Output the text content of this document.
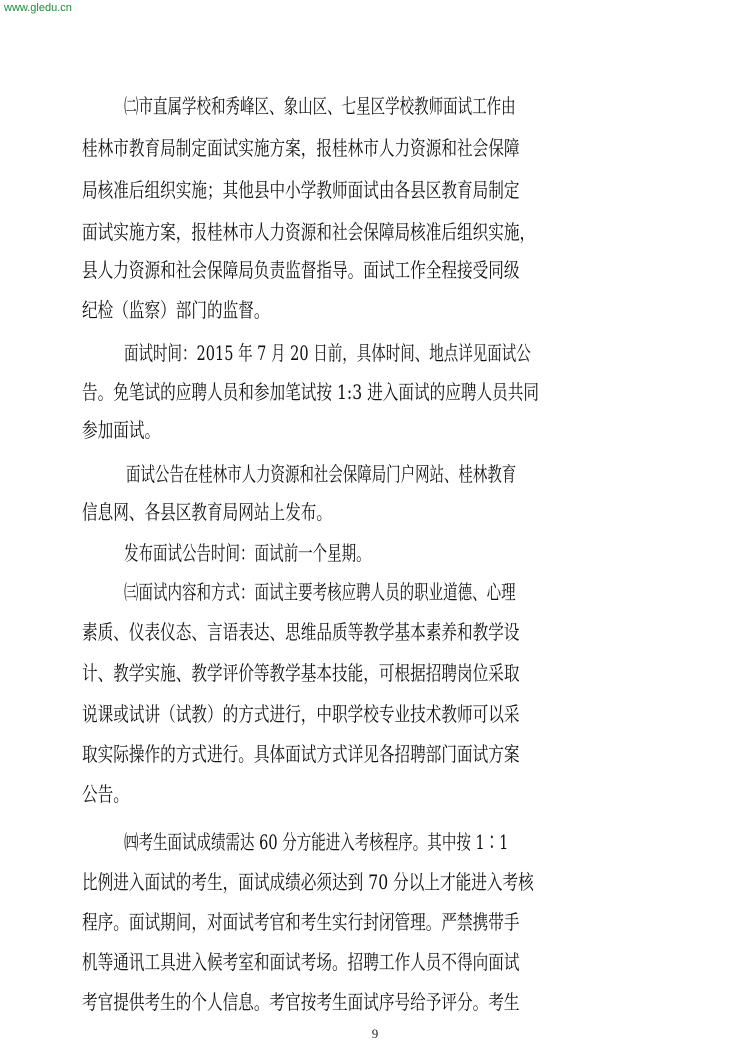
www.gledu.cn
㈡市直属学校和秀峰区、象山区、七星区学校教师面试工作由
桂林市教育局制定面试实施方案，报桂林市人力资源和社会保障
局核准后组织实施；其他县中小学教师面试由各县区教育局制定
面试实施方案，报桂林市人力资源和社会保障局核准后组织实施，
县人力资源和社会保障局负责监督指导。面试工作全程接受同级
纪检（监察）部门的监督。
面试时间：2015 年 7 月 20 日前，具体时间、地点详见面试公
告。免笔试的应聘人员和参加笔试按 1:3 进入面试的应聘人员共同
参加面试。
面试公告在桂林市人力资源和社会保障局门户网站、桂林教育
信息网、各县区教育局网站上发布。
发布面试公告时间：面试前一个星期。
㈢面试内容和方式：面试主要考核应聘人员的职业道德、心理
素质、仪表仪态、言语表达、思维品质等教学基本素养和教学设
计、教学实施、教学评价等教学基本技能，可根据招聘岗位采取
说课或试讲（试教）的方式进行，中职学校专业技术教师可以采
取实际操作的方式进行。具体面试方式详见各招聘部门面试方案
公告。
㈣考生面试成绩需达 60 分方能进入考核程序。其中按 1∶1
比例进入面试的考生，面试成绩必须达到 70 分以上才能进入考核
程序。面试期间，对面试考官和考生实行封闭管理。严禁携带手
机等通讯工具进入候考室和面试考场。招聘工作人员不得向面试
考官提供考生的个人信息。考官按考生面试序号给予评分。考生
9
